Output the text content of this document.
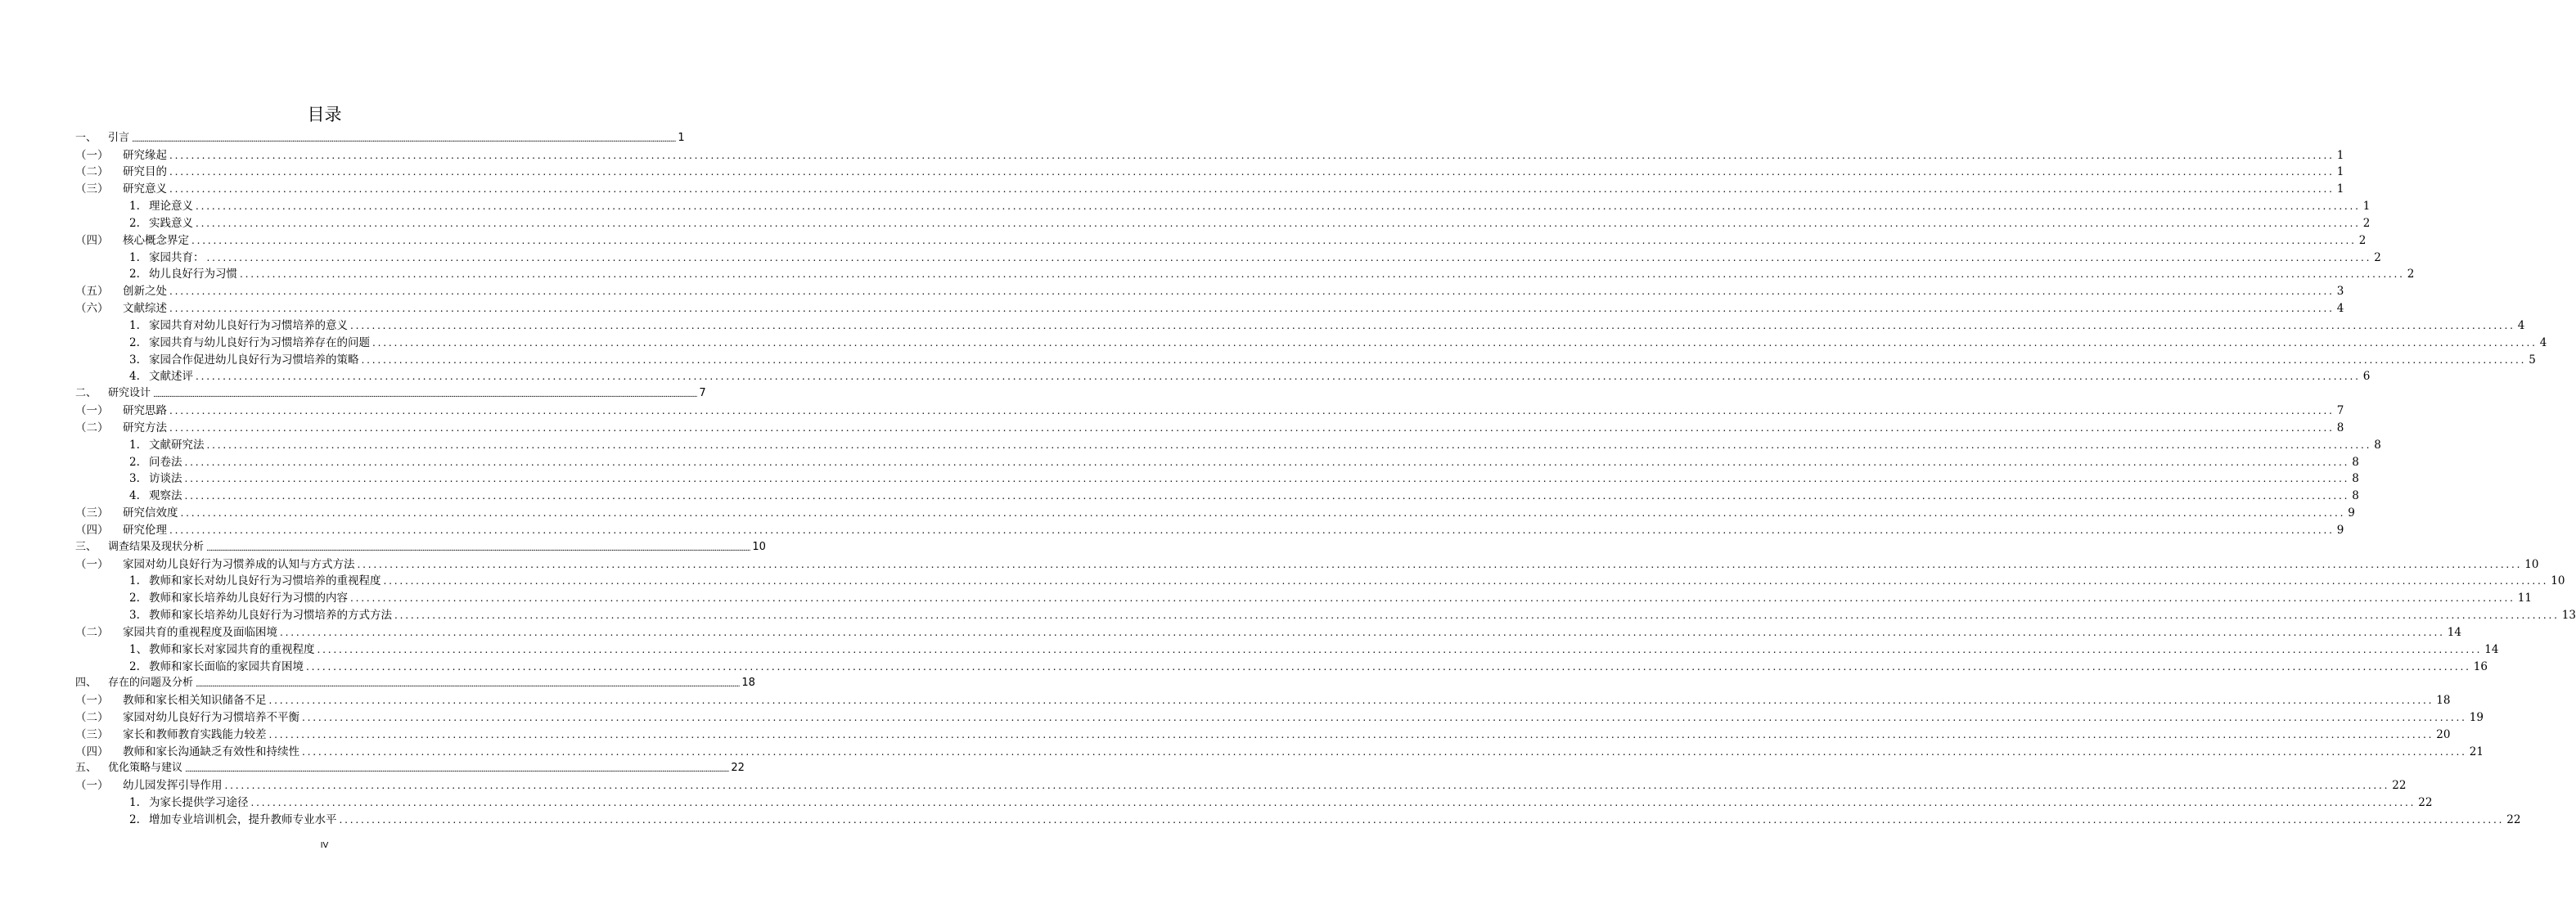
目录
一、	引言 ................................................................................................................................................................................................................................................................................................................................................................................................................ 1
（一）	研究缘起 ................................................................................................................................................................................................................................................................................................................................................................................................................ 1
（二）	研究目的 ................................................................................................................................................................................................................................................................................................................................................................................................................ 1
（三）	研究意义 ................................................................................................................................................................................................................................................................................................................................................................................................................ 1
1. 理论意义 ................................................................................................................................................................................................................................................................................................................................................................................................................ 1
2. 实践意义 ................................................................................................................................................................................................................................................................................................................................................................................................................ 2
（四）	核心概念界定 ................................................................................................................................................................................................................................................................................................................................................................................................................ 2
1. 家园共育： ................................................................................................................................................................................................................................................................................................................................................................................................................ 2
2. 幼儿良好行为习惯 ................................................................................................................................................................................................................................................................................................................................................................................................................ 2
（五）	创新之处 ................................................................................................................................................................................................................................................................................................................................................................................................................ 3
（六）	文献综述 ................................................................................................................................................................................................................................................................................................................................................................................................................ 4
1. 家园共育对幼儿良好行为习惯培养的意义 ................................................................................................................................................................................................................................................................................................................................................................................................................ 4
2. 家园共育与幼儿良好行为习惯培养存在的问题 ................................................................................................................................................................................................................................................................................................................................................................................................................ 4
3. 家园合作促进幼儿良好行为习惯培养的策略 ................................................................................................................................................................................................................................................................................................................................................................................................................ 5
4. 文献述评 ................................................................................................................................................................................................................................................................................................................................................................................................................ 6
二、	研究设计 ................................................................................................................................................................................................................................................................................................................................................................................................................ 7
（一）	研究思路 ................................................................................................................................................................................................................................................................................................................................................................................................................ 7
（二）	研究方法 ................................................................................................................................................................................................................................................................................................................................................................................................................ 8
1. 文献研究法 ................................................................................................................................................................................................................................................................................................................................................................................................................ 8
2. 问卷法 ................................................................................................................................................................................................................................................................................................................................................................................................................ 8
3. 访谈法 ................................................................................................................................................................................................................................................................................................................................................................................................................ 8
4. 观察法 ................................................................................................................................................................................................................................................................................................................................................................................................................ 8
（三）	研究信效度 ................................................................................................................................................................................................................................................................................................................................................................................................................ 9
（四）	研究伦理 ................................................................................................................................................................................................................................................................................................................................................................................................................ 9
三、	调查结果及现状分析 ................................................................................................................................................................................................................................................................................................................................................................................................................ 10
（一）	家园对幼儿良好行为习惯养成的认知与方式方法 ................................................................................................................................................................................................................................................................................................................................................................................................................ 10
1. 教师和家长对幼儿良好行为习惯培养的重视程度 ................................................................................................................................................................................................................................................................................................................................................................................................................ 10
2. 教师和家长培养幼儿良好行为习惯的内容 ................................................................................................................................................................................................................................................................................................................................................................................................................ 11
3. 教师和家长培养幼儿良好行为习惯培养的方式方法 ................................................................................................................................................................................................................................................................................................................................................................................................................ 13
（二）	家园共育的重视程度及面临困境 ................................................................................................................................................................................................................................................................................................................................................................................................................ 14
1、 教师和家长对家园共育的重视程度 ................................................................................................................................................................................................................................................................................................................................................................................................................ 14
2. 教师和家长面临的家园共育困境 ................................................................................................................................................................................................................................................................................................................................................................................................................ 16
四、	存在的问题及分析 ................................................................................................................................................................................................................................................................................................................................................................................................................ 18
（一）	教师和家长相关知识储备不足 ................................................................................................................................................................................................................................................................................................................................................................................................................ 18
（二）	家园对幼儿良好行为习惯培养不平衡 ................................................................................................................................................................................................................................................................................................................................................................................................................ 19
（三）	家长和教师教育实践能力较差 ................................................................................................................................................................................................................................................................................................................................................................................................................ 20
（四）	教师和家长沟通缺乏有效性和持续性 ................................................................................................................................................................................................................................................................................................................................................................................................................ 21
五、	优化策略与建议 ................................................................................................................................................................................................................................................................................................................................................................................................................ 22
（一）	幼儿园发挥引导作用 ................................................................................................................................................................................................................................................................................................................................................................................................................ 22
1. 为家长提供学习途径 ................................................................................................................................................................................................................................................................................................................................................................................................................ 22
2. 增加专业培训机会，提升教师专业水平 ................................................................................................................................................................................................................................................................................................................................................................................................................ 22
IV
